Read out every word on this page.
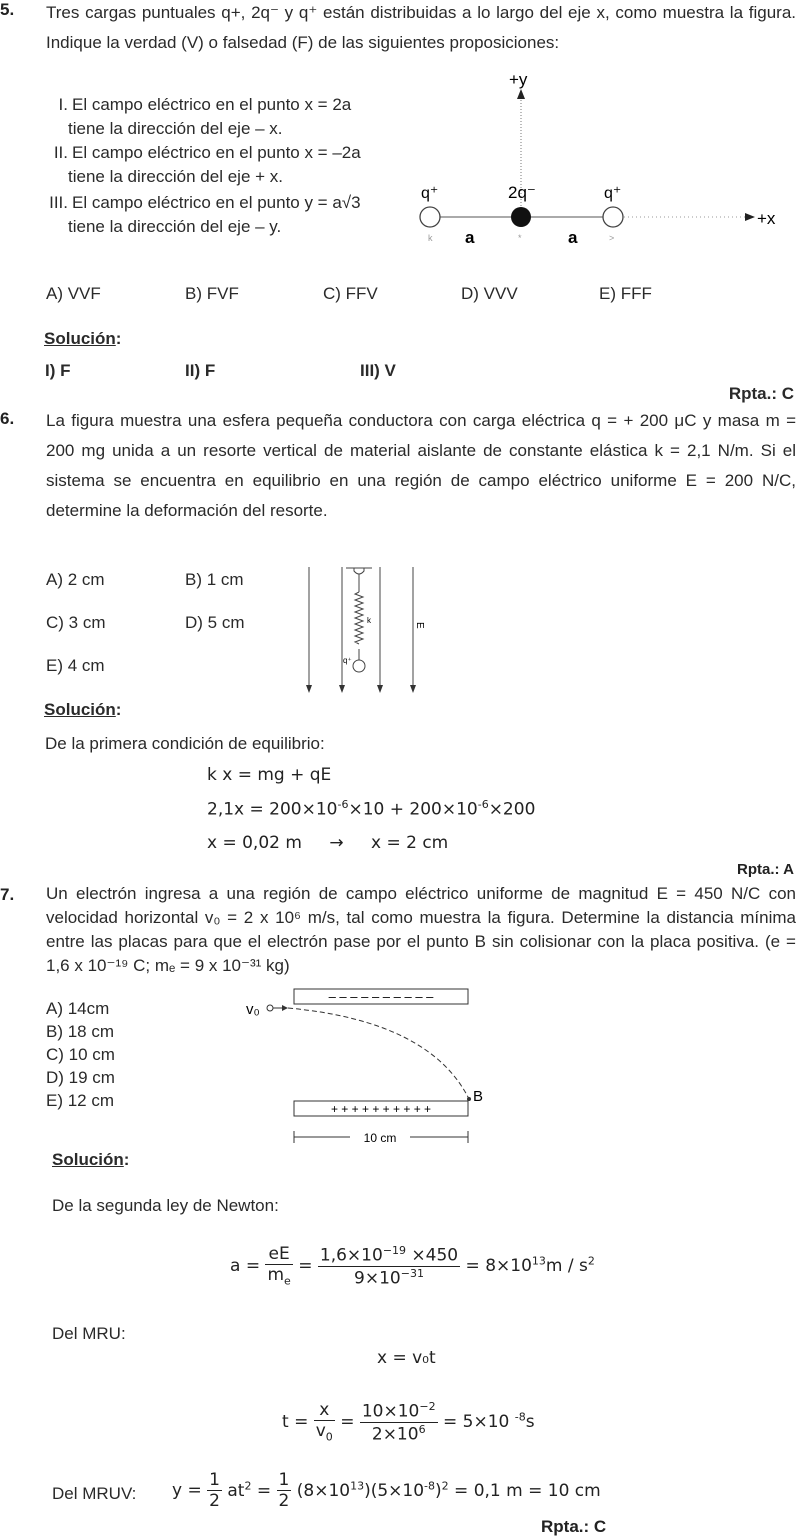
5. Tres cargas puntuales q+, 2q⁻ y q⁺ están distribuidas a lo largo del eje x, como muestra la figura. Indique la verdad (V) o falsedad (F) de las siguientes proposiciones:
I. El campo eléctrico en el punto x = 2a
tiene la dirección del eje – x.
II. El campo eléctrico en el punto x = –2a
tiene la dirección del eje + x.
III. El campo eléctrico en el punto y = a√3
tiene la dirección del eje – y.
+y
+x
q⁺	2q⁻	q⁺
a	a
k	*	>
A) VVF	B) FVF	C) FFV	D) VVV	E) FFF
Solución:
I) F	II) F	III) V
Rpta.: C
6. La figura muestra una esfera pequeña conductora con carga eléctrica q = + 200 μC y masa m = 200 mg unida a un resorte vertical de material aislante de constante elástica k = 2,1 N/m. Si el sistema se encuentra en equilibrio en una región de campo eléctrico uniforme E = 200 N/C, determine la deformación del resorte.
A) 2 cm	B) 1 cm
C) 3 cm	D) 5 cm
E) 4 cm
k
q⁺
E
Solución:
De la primera condición de equilibrio:
k x = mg + qE
$2,1x = 200\times 10^{-6}\times 10 + 200\times 10^{-6}\times 200$
x = 0,02 m → x = 2 cm
Rpta.: A
7. Un electrón ingresa a una región de campo eléctrico uniforme de magnitud E = 450 N/C con velocidad horizontal v₀ = 2 x 10⁶ m/s, tal como muestra la figura. Determine la distancia mínima entre las placas para que el electrón pase por el punto B sin colisionar con la placa positiva. (e = 1,6 x 10⁻¹⁹ C; mₑ = 9 x 10⁻³¹ kg)
A) 14cm
B) 18 cm
C) 10 cm
D) 19 cm
E) 12 cm
– – – – – – – – – –
+ + + + + + + + + +
v₀
B
10 cm
Solución:
De la segunda ley de Newton:
$a = \frac{eE}{m_e} = \frac{1,6\times 10^{-19} \times 450}{9\times 10^{-31}} = 8\times 10^{13}m / s^2$
Del MRU:
x = v₀t
$t = \frac{x}{v_0} = \frac{10\times 10^{-2}}{2\times 10^6} = 5\times 10$ $^{-8}$s
Del MRUV: $y = \frac{1}{2} at^2 = \frac{1}{2} (8\times 10^{13})(5\times 10^{-8})^2 = 0,1$ m = 10 cm
Rpta.: C
